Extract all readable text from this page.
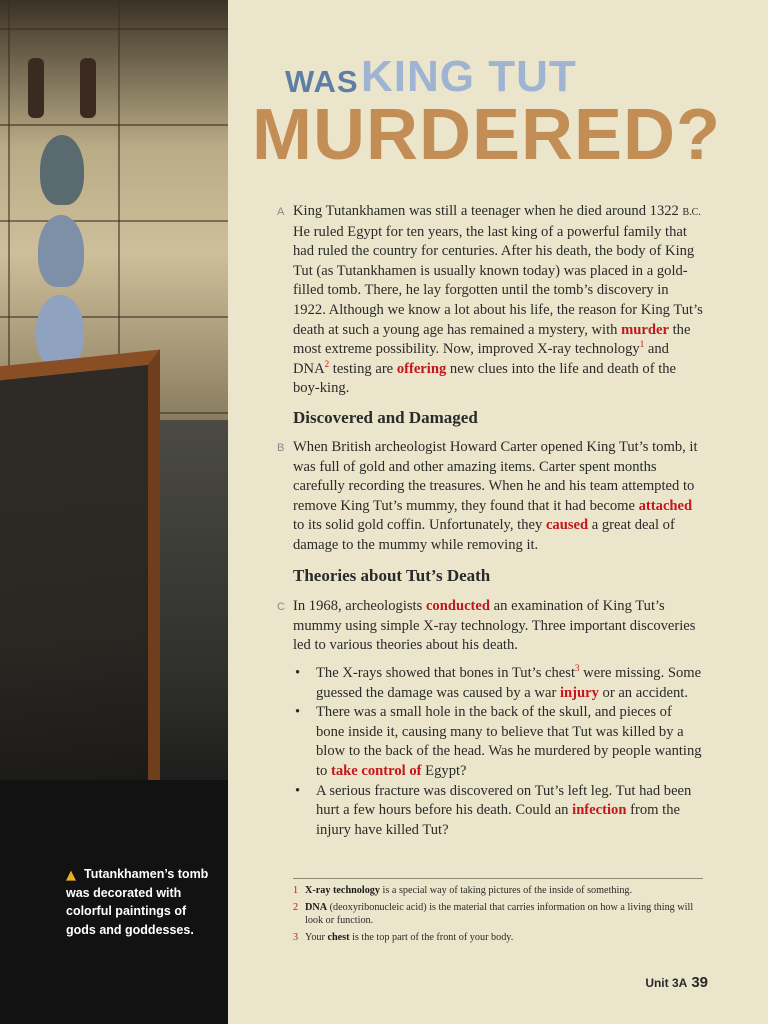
▲ Tutankhamen’s tomb was decorated with colorful paintings of gods and goddesses.
WAS KING TUT
MURDERED?
A King Tutankhamen was still a teenager when he died around 1322 B.C. He ruled Egypt for ten years, the last king of a powerful family that had ruled the country for centuries. After his death, the body of King Tut (as Tutankhamen is usually known today) was placed in a gold-filled tomb. There, he lay forgotten until the tomb’s discovery in 1922. Although we know a lot about his life, the reason for King Tut’s death at such a young age has remained a mystery, with murder the most extreme possibility. Now, improved X-ray technology$^1$ and DNA$^2$ testing are offering new clues into the life and death of the boy-king.

Discovered and Damaged
B When British archeologist Howard Carter opened King Tut’s tomb, it was full of gold and other amazing items. Carter spent months carefully recording the treasures. When he and his team attempted to remove King Tut’s mummy, they found that it had become attached to its solid gold coffin. Unfortunately, they caused a great deal of damage to the mummy while removing it.

Theories about Tut’s Death
C In 1968, archeologists conducted an examination of King Tut’s mummy using simple X-ray technology. Three important discoveries led to various theories about his death.

• The X-rays showed that bones in Tut’s chest$^3$ were missing. Some guessed the damage was caused by a war injury or an accident.
• There was a small hole in the back of the skull, and pieces of bone inside it, causing many to believe that Tut was killed by a blow to the back of the head. Was he murdered by people wanting to take control of Egypt?
• A serious fracture was discovered on Tut’s left leg. Tut had been hurt a few hours before his death. Could an infection from the injury have killed Tut?
1 X-ray technology is a special way of taking pictures of the inside of something.
2 DNA (deoxyribonucleic acid) is the material that carries information on how a living thing will look or function.
3 Your chest is the top part of the front of your body.
Unit 3A 39
